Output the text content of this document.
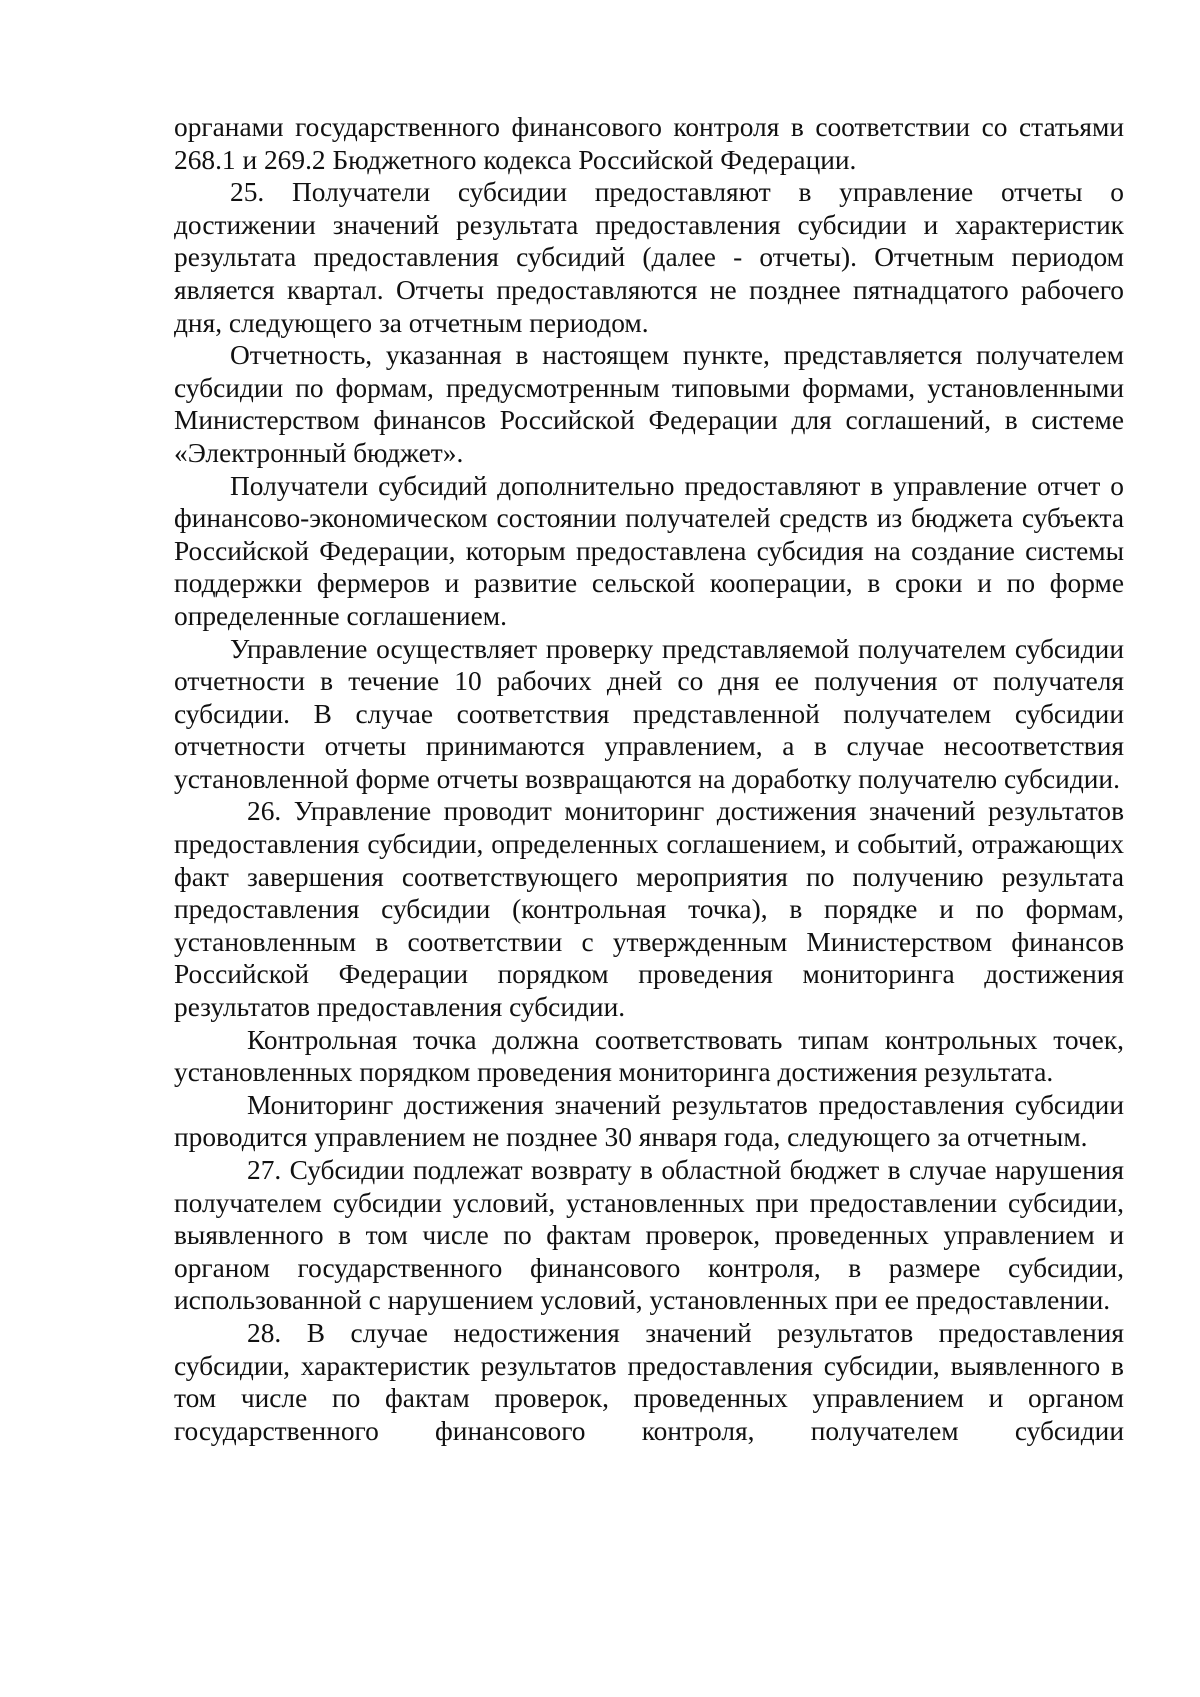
органами государственного финансового контроля в соответствии со статьями 268.1 и 269.2 Бюджетного кодекса Российской Федерации.

25. Получатели субсидии предоставляют в управление отчеты о достижении значений результата предоставления субсидии и характеристик результата предоставления субсидий (далее - отчеты). Отчетным периодом является квартал. Отчеты предоставляются не позднее пятнадцатого рабочего дня, следующего за отчетным периодом.

Отчетность, указанная в настоящем пункте, представляется получателем субсидии по формам, предусмотренным типовыми формами, установленными Министерством финансов Российской Федерации для соглашений, в системе «Электронный бюджет».

Получатели субсидий дополнительно предоставляют в управление отчет о финансово-экономическом состоянии получателей средств из бюджета субъекта Российской Федерации, которым предоставлена субсидия на создание системы поддержки фермеров и развитие сельской кооперации, в сроки и по форме определенные соглашением.

Управление осуществляет проверку представляемой получателем субсидии отчетности в течение 10 рабочих дней со дня ее получения от получателя субсидии. В случае соответствия представленной получателем субсидии отчетности отчеты принимаются управлением, а в случае несоответствия установленной форме отчеты возвращаются на доработку получателю субсидии.

26. Управление проводит мониторинг достижения значений результатов предоставления субсидии, определенных соглашением, и событий, отражающих факт завершения соответствующего мероприятия по получению результата предоставления субсидии (контрольная точка), в порядке и по формам, установленным в соответствии с утвержденным Министерством финансов Российской Федерации порядком проведения мониторинга достижения результатов предоставления субсидии.

Контрольная точка должна соответствовать типам контрольных точек, установленных порядком проведения мониторинга достижения результата.

Мониторинг достижения значений результатов предоставления субсидии проводится управлением не позднее 30 января года, следующего за отчетным.

27. Субсидии подлежат возврату в областной бюджет в случае нарушения получателем субсидии условий, установленных при предоставлении субсидии, выявленного в том числе по фактам проверок, проведенных управлением и органом государственного финансового контроля, в размере субсидии, использованной с нарушением условий, установленных при ее предоставлении.

28. В случае недостижения значений результатов предоставления субсидии, характеристик результатов предоставления субсидии, выявленного в том числе по фактам проверок, проведенных управлением и органом государственного финансового контроля, получателем субсидии
